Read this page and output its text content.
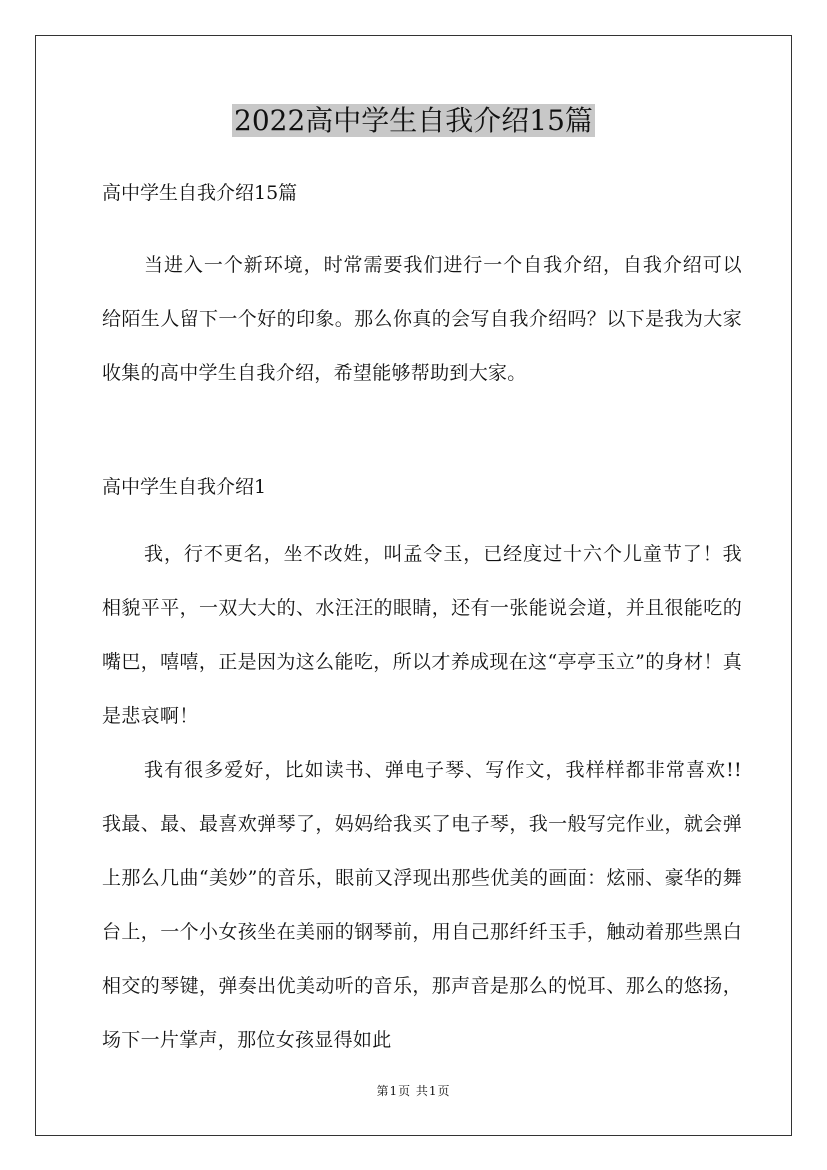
2022高中学生自我介绍15篇

高中学生自我介绍15篇

当进入一个新环境，时常需要我们进行一个自我介绍，自我介绍可以给陌生人留下一个好的印象。那么你真的会写自我介绍吗？以下是我为大家收集的高中学生自我介绍，希望能够帮助到大家。

高中学生自我介绍1

我，行不更名，坐不改姓，叫孟令玉，已经度过十六个儿童节了！我相貌平平，一双大大的、水汪汪的眼睛，还有一张能说会道，并且很能吃的嘴巴，嘻嘻，正是因为这么能吃，所以才养成现在这“亭亭玉立”的身材！真是悲哀啊！

我有很多爱好，比如读书、弹电子琴、写作文，我样样都非常喜欢!! 我最、最、最喜欢弹琴了，妈妈给我买了电子琴，我一般写完作业，就会弹上那么几曲“美妙”的音乐，眼前又浮现出那些优美的画面：炫丽、豪华的舞台上，一个小女孩坐在美丽的钢琴前，用自己那纤纤玉手，触动着那些黑白相交的琴键，弹奏出优美动听的音乐，那声音是那么的悦耳、那么的悠扬，场下一片掌声，那位女孩显得如此

第1页 共1页
